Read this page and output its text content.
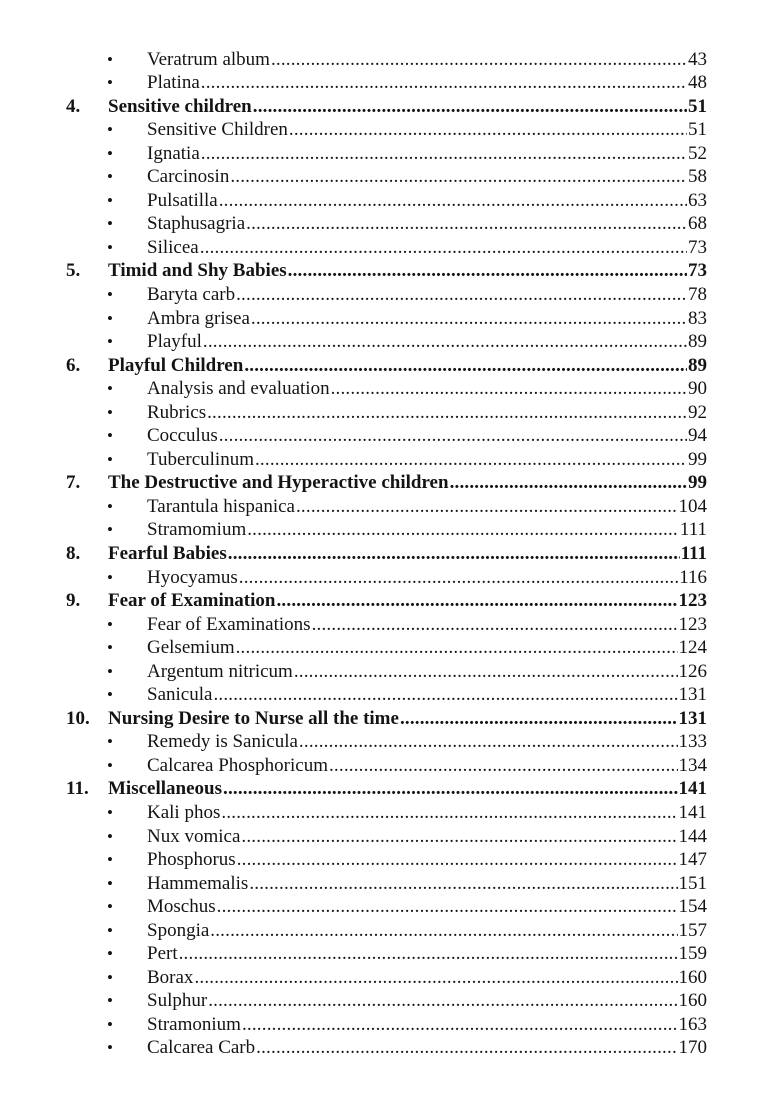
• Veratrum album .....	43
• Platina .....	48
4. Sensitive children .....	51
• Sensitive Children .....	51
• Ignatia .....	52
• Carcinosin .....	58
• Pulsatilla .....	63
• Staphusagria .....	68
• Silicea .....	73
5. Timid and Shy Babies .....	73
• Baryta carb .....	78
• Ambra grisea .....	83
• Playful .....	89
6. Playful Children .....	89
• Analysis and evaluation .....	90
• Rubrics .....	92
• Cocculus .....	94
• Tuberculinum .....	99
7. The Destructive and Hyperactive children .....	99
• Tarantula hispanica .....	104
• Stramomium .....	111
8. Fearful Babies .....	111
• Hyocyamus .....	116
9. Fear of Examination .....	123
• Fear of Examinations .....	123
• Gelsemium .....	124
• Argentum nitricum .....	126
• Sanicula .....	131
10. Nursing Desire to Nurse all the time .....	131
• Remedy is Sanicula .....	133
• Calcarea Phosphoricum .....	134
11. Miscellaneous .....	141
• Kali phos .....	141
• Nux vomica .....	144
• Phosphorus .....	147
• Hammemalis .....	151
• Moschus .....	154
• Spongia .....	157
• Pert .....	159
• Borax .....	160
• Sulphur .....	160
• Stramonium .....	163
• Calcarea Carb .....	170
